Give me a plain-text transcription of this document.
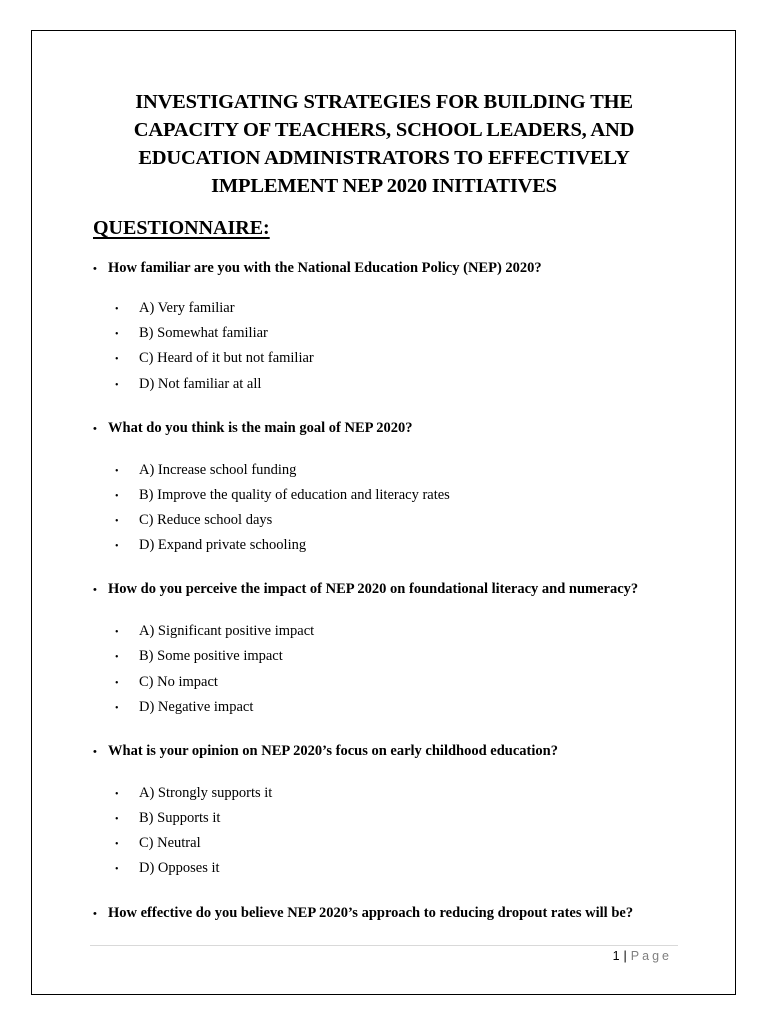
INVESTIGATING STRATEGIES FOR BUILDING THE
CAPACITY OF TEACHERS, SCHOOL LEADERS, AND
EDUCATION ADMINISTRATORS TO EFFECTIVELY
IMPLEMENT NEP 2020 INITIATIVES
QUESTIONNAIRE:
• How familiar are you with the National Education Policy (NEP) 2020?
• A) Very familiar
• B) Somewhat familiar
• C) Heard of it but not familiar
• D) Not familiar at all
• What do you think is the main goal of NEP 2020?
• A) Increase school funding
• B) Improve the quality of education and literacy rates
• C) Reduce school days
• D) Expand private schooling
• How do you perceive the impact of NEP 2020 on foundational literacy and numeracy?
• A) Significant positive impact
• B) Some positive impact
• C) No impact
• D) Negative impact
• What is your opinion on NEP 2020’s focus on early childhood education?
• A) Strongly supports it
• B) Supports it
• C) Neutral
• D) Opposes it
• How effective do you believe NEP 2020’s approach to reducing dropout rates will be?
1 | Page
